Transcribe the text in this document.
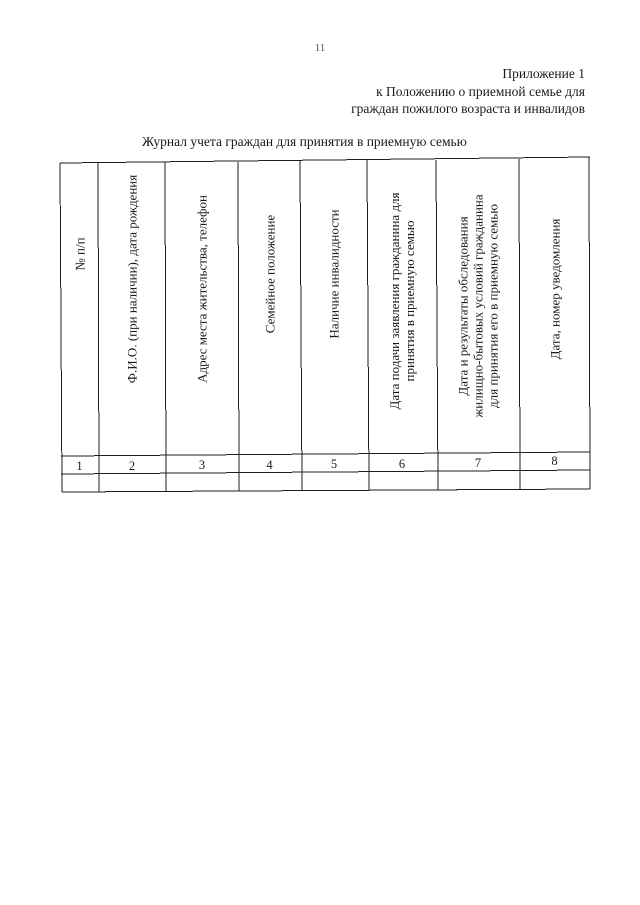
11
Приложение 1
к Положению о приемной семье для
граждан пожилого возраста и инвалидов
Журнал учета граждан для принятия в приемную семью
№ п/п	Ф.И.О. (при наличии), дата рождения	Адрес места жительства, телефон	Семейное положение	Наличие инвалидности	Дата подачи заявления гражданина для принятия в приемную семью	Дата и результаты обследования жилищно-бытовых условий гражданина для принятия его в приемную семью	Дата, номер уведомления
1	2	3	4	5	6	7	8
